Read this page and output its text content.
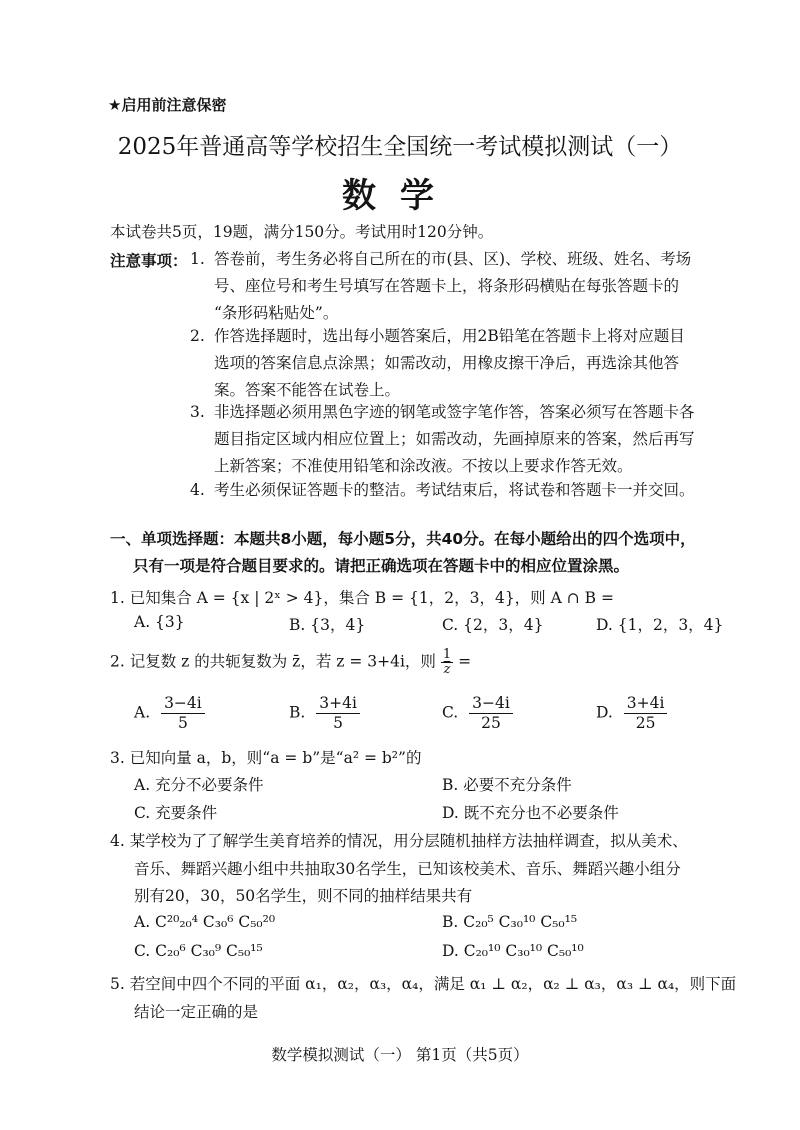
★启用前注意保密
2025年普通高等学校招生全国统一考试模拟测试（一）
数学
本试卷共5页，19题，满分150分。考试用时120分钟。
注意事项： 1. 答卷前，考生务必将自己所在的市(县、区)、学校、班级、姓名、考场
号、座位号和考生号填写在答题卡上，将条形码横贴在每张答题卡的
“条形码粘贴处”。
2. 作答选择题时，选出每小题答案后，用2B铅笔在答题卡上将对应题目
选项的答案信息点涂黑；如需改动，用橡皮擦干净后，再选涂其他答
案。答案不能答在试卷上。
3. 非选择题必须用黑色字迹的钢笔或签字笔作答，答案必须写在答题卡各
题目指定区域内相应位置上；如需改动，先画掉原来的答案，然后再写
上新答案；不准使用铅笔和涂改液。不按以上要求作答无效。
4. 考生必须保证答题卡的整洁。考试结束后，将试卷和答题卡一并交回。
一、单项选择题：本题共8小题，每小题5分，共40分。在每小题给出的四个选项中，
只有一项是符合题目要求的。请把正确选项在答题卡中的相应位置涂黑。
1. 已知集合 A = {x | 2ˣ > 4}，集合 B = {1，2，3，4}，则 A ∩ B =
A. {3}	B. {3，4}	C. {2，3，4}	D. {1，2，3，4}
2. 记复数 z 的共轭复数为 z̄，若 z = 3+4i，则 $\frac{1}{z}$ =
A. $\frac{3-4i}{5}$	B. $\frac{3+4i}{5}$	C. $\frac{3-4i}{25}$	D. $\frac{3+4i}{25}$
3. 已知向量 a，b，则“a = b”是“a² = b²”的
A. 充分不必要条件	B. 必要不充分条件
C. 充要条件	D. 既不充分也不必要条件
4. 某学校为了了解学生美育培养的情况，用分层随机抽样方法抽样调查，拟从美术、
音乐、舞蹈兴趣小组中共抽取30名学生，已知该校美术、音乐、舞蹈兴趣小组分
别有20，30，50名学生，则不同的抽样结果共有
A. C²⁰₂₀⁴ C₃₀⁶ C₅₀²⁰	B. C₂₀⁵ C₃₀¹⁰ C₅₀¹⁵
C. C₂₀⁶ C₃₀⁹ C₅₀¹⁵	D. C₂₀¹⁰ C₃₀¹⁰ C₅₀¹⁰
5. 若空间中四个不同的平面 α₁，α₂，α₃，α₄，满足 α₁ ⊥ α₂，α₂ ⊥ α₃，α₃ ⊥ α₄，则下面
结论一定正确的是
数学模拟测试（一） 第1页（共5页）
